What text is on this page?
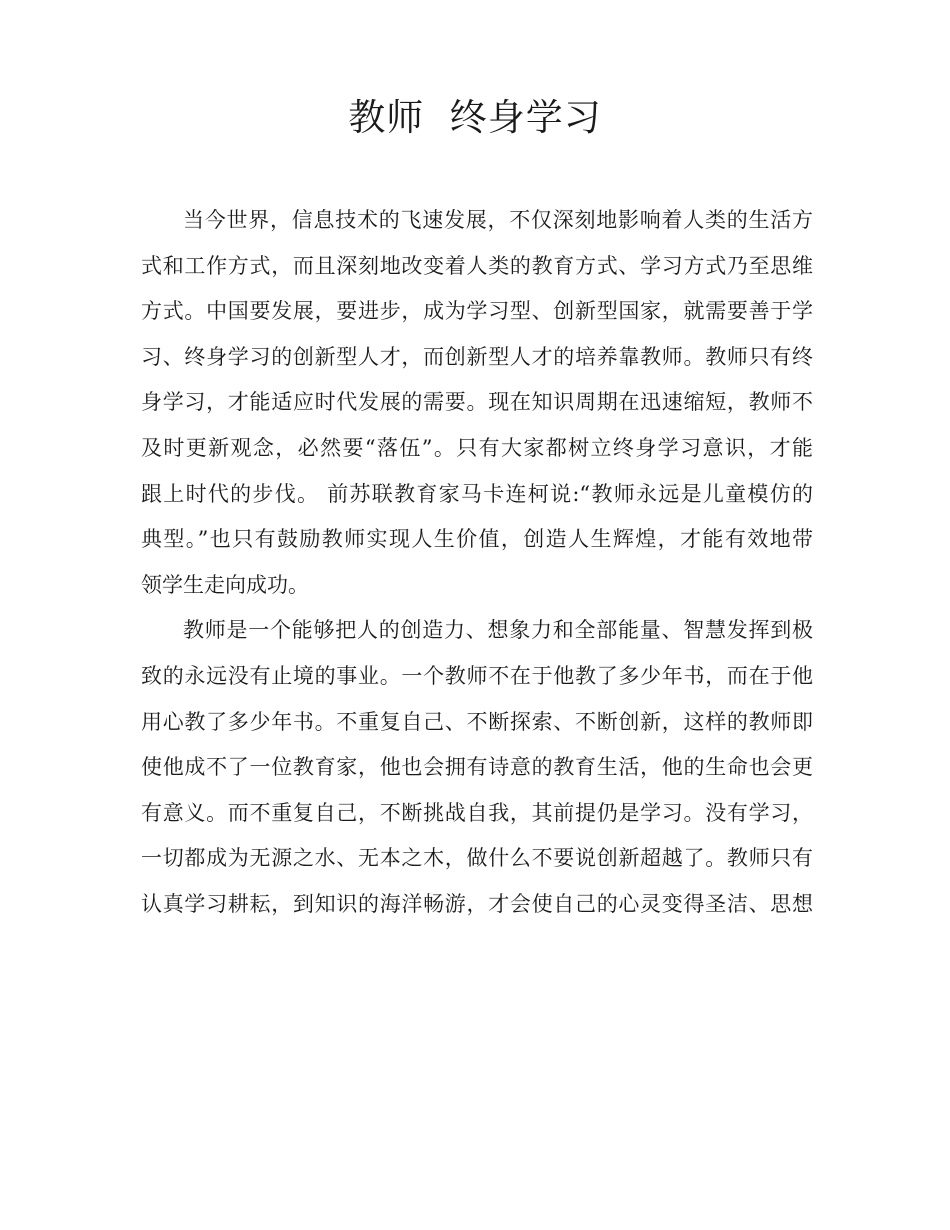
教师  终身学习

当今世界，信息技术的飞速发展，不仅深刻地影响着人类的生活方
式和工作方式，而且深刻地改变着人类的教育方式、学习方式乃至思维
方式。中国要发展，要进步，成为学习型、创新型国家，就需要善于学
习、终身学习的创新型人才，而创新型人才的培养靠教师。教师只有终
身学习，才能适应时代发展的需要。现在知识周期在迅速缩短，教师不
及时更新观念，必然要“落伍”。只有大家都树立终身学习意识，才能
跟上时代的步伐。 前苏联教育家马卡连柯说:“教师永远是儿童模仿的
典型。”也只有鼓励教师实现人生价值，创造人生辉煌，才能有效地带
领学生走向成功。

教师是一个能够把人的创造力、想象力和全部能量、智慧发挥到极
致的永远没有止境的事业。一个教师不在于他教了多少年书，而在于他
用心教了多少年书。不重复自己、不断探索、不断创新，这样的教师即
使他成不了一位教育家，他也会拥有诗意的教育生活，他的生命也会更
有意义。而不重复自己，不断挑战自我，其前提仍是学习。没有学习，
一切都成为无源之水、无本之木，做什么不要说创新超越了。教师只有
认真学习耕耘，到知识的海洋畅游，才会使自己的心灵变得圣洁、思想
